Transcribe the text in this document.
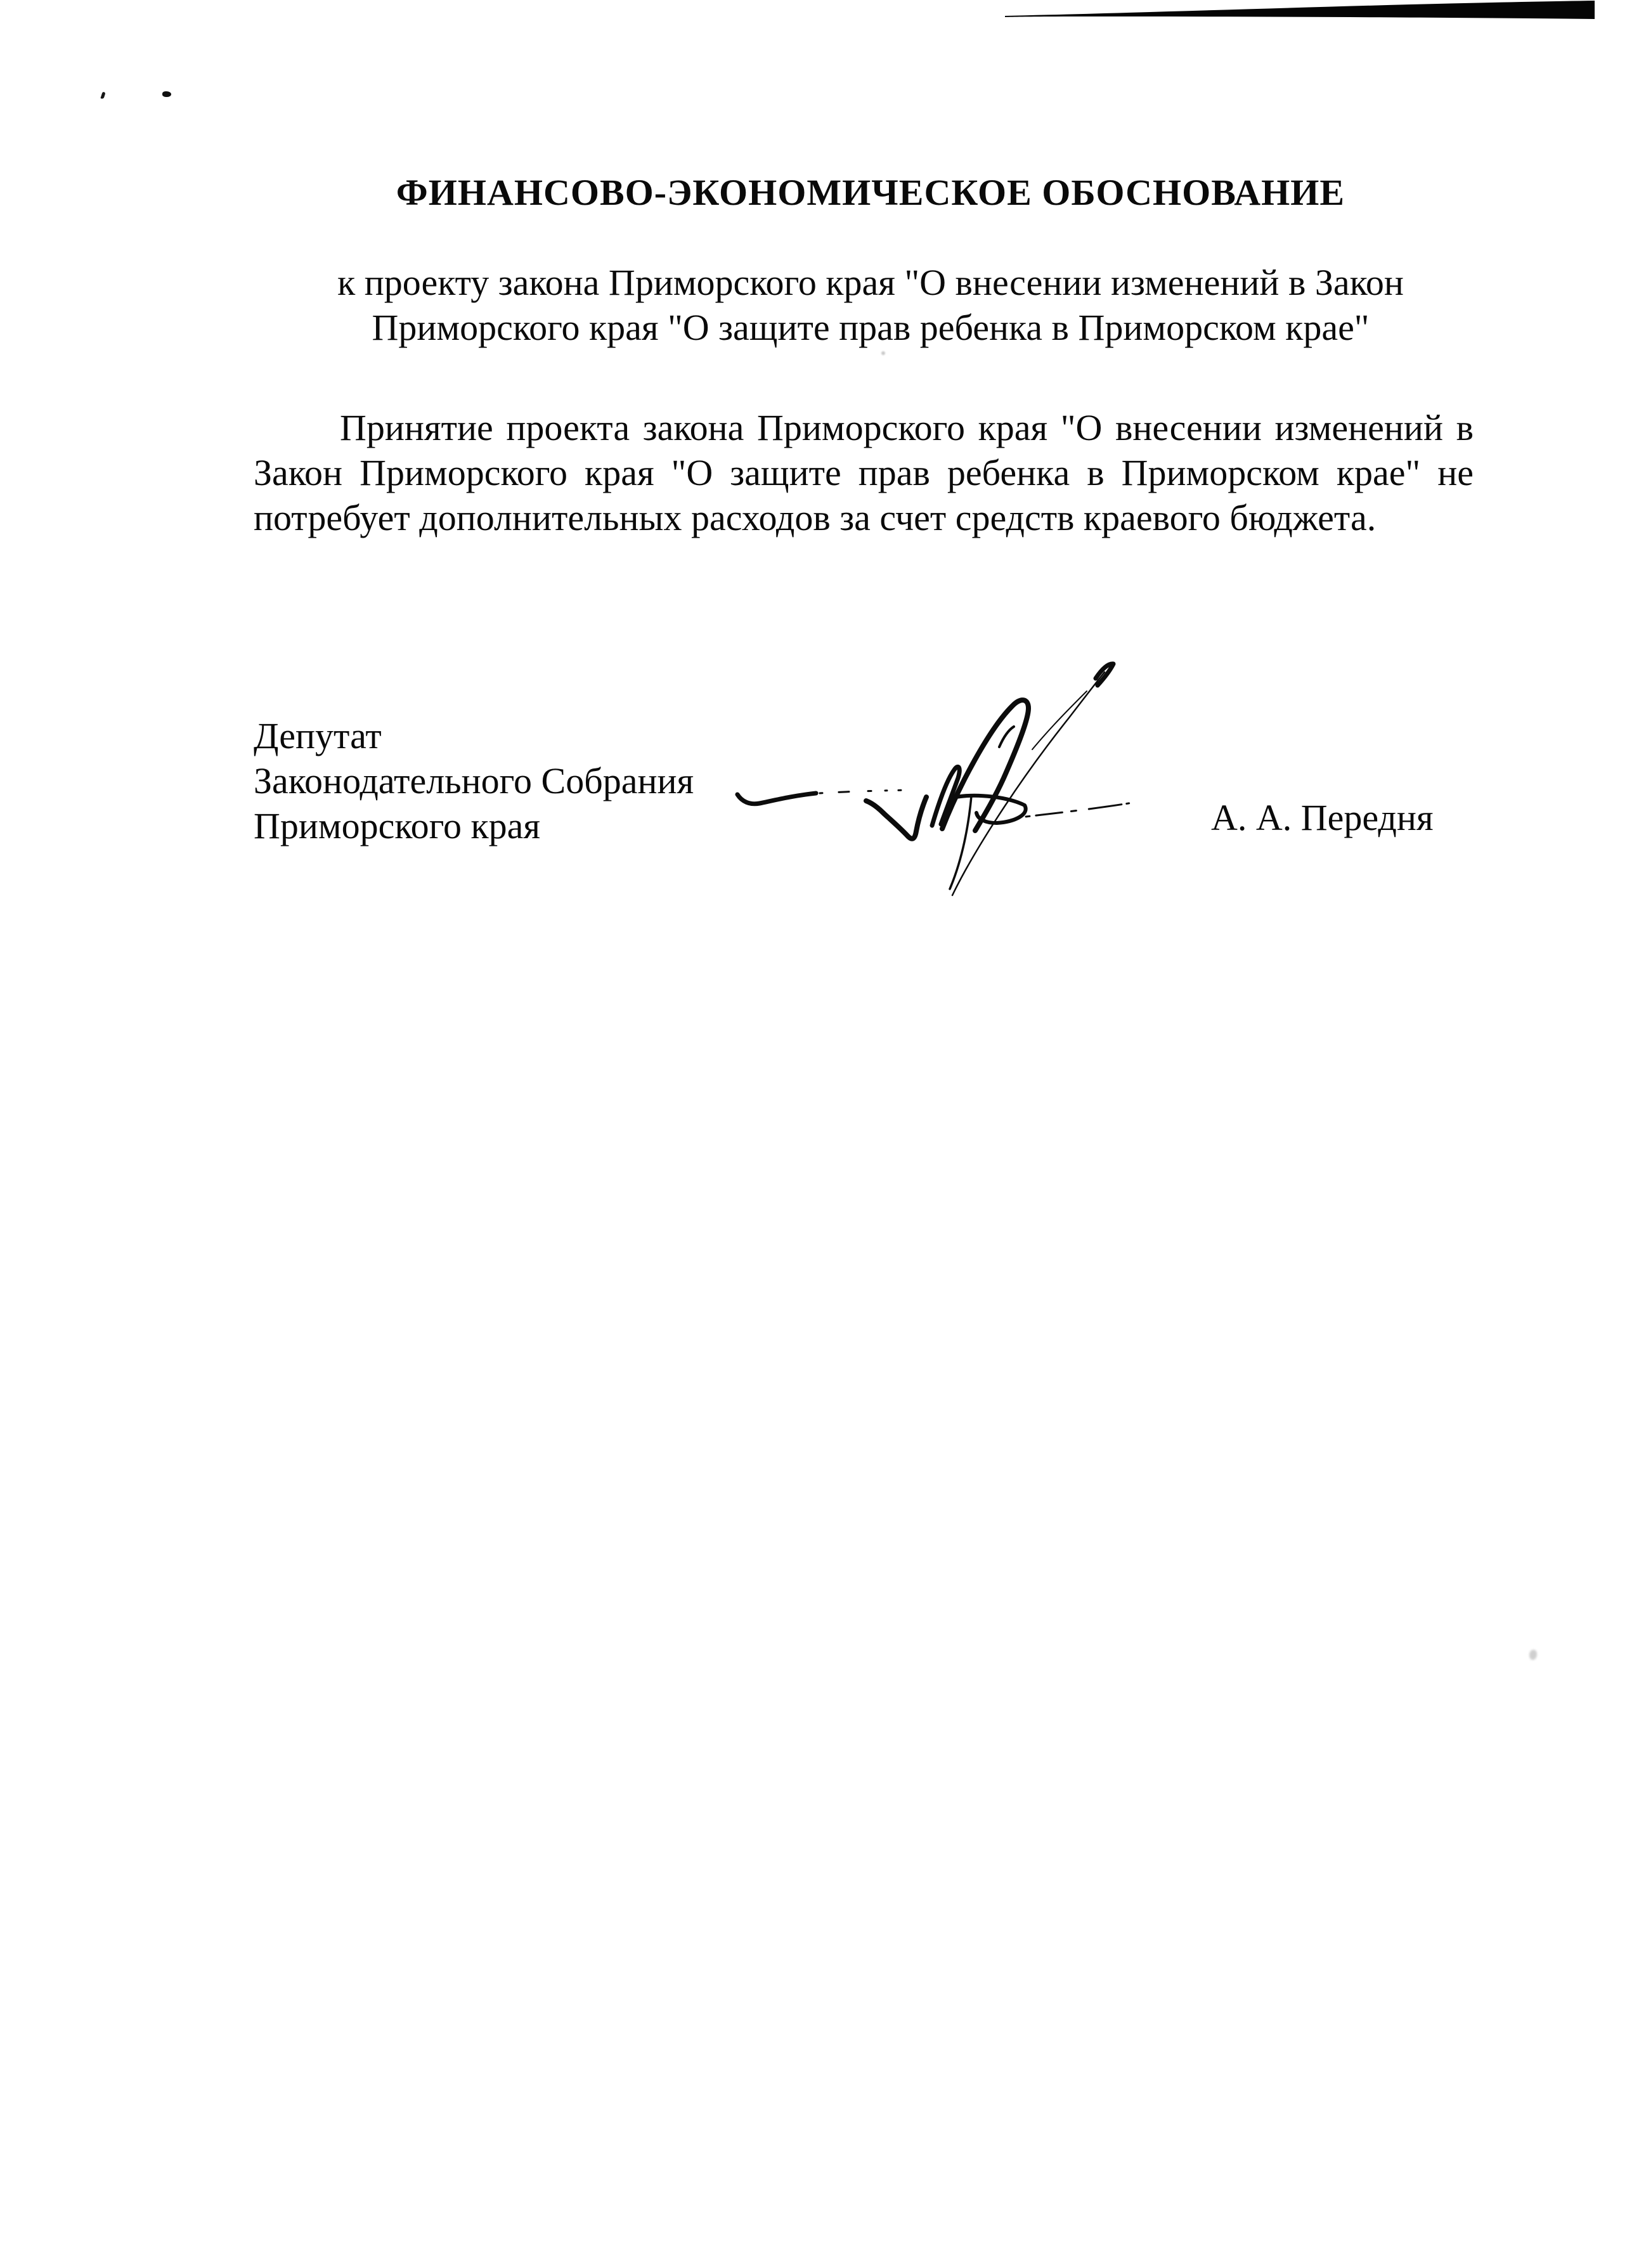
ФИНАНСОВО-ЭКОНОМИЧЕСКОЕ ОБОСНОВАНИЕ
к проекту закона Приморского края "О внесении изменений в Закон
Приморского края "О защите прав ребенка в Приморском крае"
Принятие проекта закона Приморского края "О внесении изменений в
Закон Приморского края "О защите прав ребенка в Приморском крае" не
потребует дополнительных расходов за счет средств краевого бюджета.
Депутат
Законодательного Собрания
Приморского края	А. А. Передня
